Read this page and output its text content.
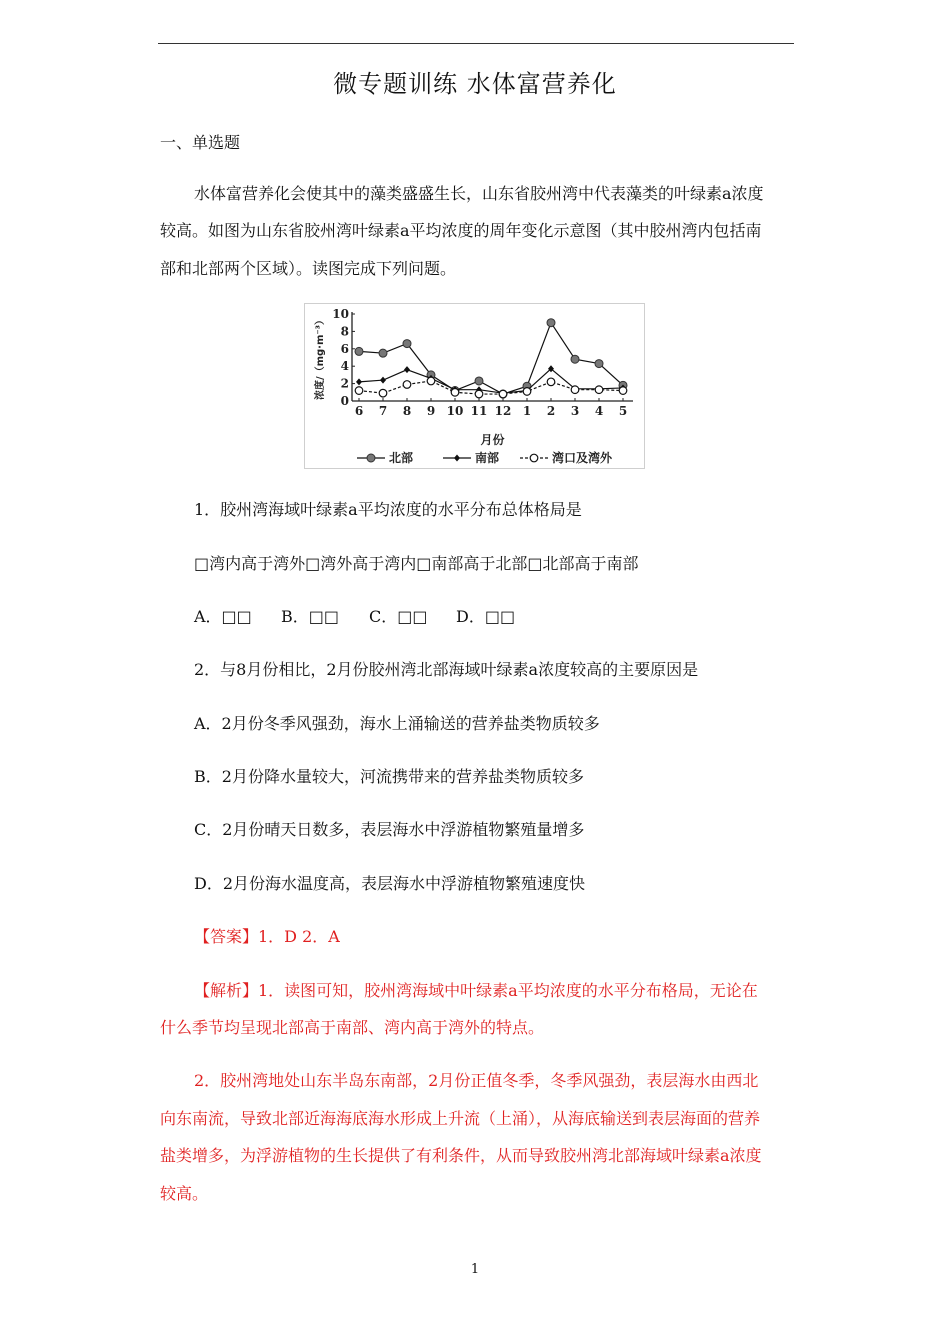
微专题训练 水体富营养化
一、单选题
水体富营养化会使其中的藻类盛盛生长，山东省胶州湾中代表藻类的叶绿素a浓度
较高。如图为山东省胶州湾叶绿素a平均浓度的周年变化示意图（其中胶州湾内包括南
部和北部两个区域）。读图完成下列问题。
0
2
4
6
8
10
6 7 8 9 10 11 12 1 2 3 4 5
月份
浓度/（mg·m⁻³）
北部	南部	湾口及湾外
1．胶州湾海域叶绿素a平均浓度的水平分布总体格局是
□湾内高于湾外□湾外高于湾内□南部高于北部□北部高于南部
A．□□ B．□□ C．□□ D．□□
2．与8月份相比，2月份胶州湾北部海域叶绿素a浓度较高的主要原因是
A．2月份冬季风强劲，海水上涌输送的营养盐类物质较多
B．2月份降水量较大，河流携带来的营养盐类物质较多
C．2月份晴天日数多，表层海水中浮游植物繁殖量增多
D．2月份海水温度高，表层海水中浮游植物繁殖速度快
【答案】1．D 2．A
【解析】1．读图可知，胶州湾海域中叶绿素a平均浓度的水平分布格局，无论在
什么季节均呈现北部高于南部、湾内高于湾外的特点。
2．胶州湾地处山东半岛东南部，2月份正值冬季，冬季风强劲，表层海水由西北
向东南流，导致北部近海海底海水形成上升流（上涌），从海底输送到表层海面的营养
盐类增多，为浮游植物的生长提供了有利条件，从而导致胶州湾北部海域叶绿素a浓度
较高。
1
